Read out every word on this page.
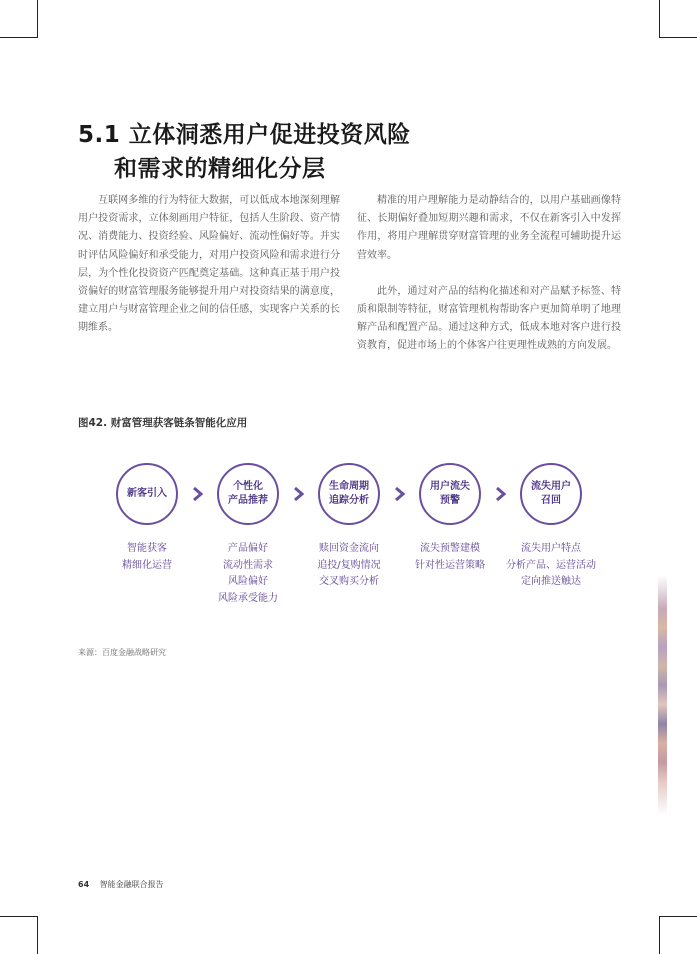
5.1 立体洞悉用户促进投资风险
和需求的精细化分层

互联网多维的行为特征大数据，可以低成本地深刻理解用户投资需求，立体刻画用户特征，包括人生阶段、资产情况、消费能力、投资经验、风险偏好、流动性偏好等。并实时评估风险偏好和承受能力，对用户投资风险和需求进行分层，为个性化投资资产匹配奠定基础。这种真正基于用户投资偏好的财富管理服务能够提升用户对投资结果的满意度，建立用户与财富管理企业之间的信任感，实现客户关系的长期维系。

精准的用户理解能力是动静结合的，以用户基础画像特征、长期偏好叠加短期兴趣和需求，不仅在新客引入中发挥作用，将用户理解贯穿财富管理的业务全流程可辅助提升运营效率。

此外，通过对产品的结构化描述和对产品赋予标签、特质和限制等特征，财富管理机构帮助客户更加简单明了地理解产品和配置产品。通过这种方式，低成本地对客户进行投资教育，促进市场上的个体客户往更理性成熟的方向发展。

图42. 财富管理获客链条智能化应用
新客引入
个性化
产品推荐
生命周期
追踪分析
用户流失
预警
流失用户
召回
智能获客
精细化运营
产品偏好
流动性需求
风险偏好
风险承受能力
赎回资金流向
追投/复购情况
交叉购买分析
流失预警建模
针对性运营策略
流失用户特点
分析产品、运营活动
定向推送触达
来源：百度金融战略研究
64 智能金融联合报告
